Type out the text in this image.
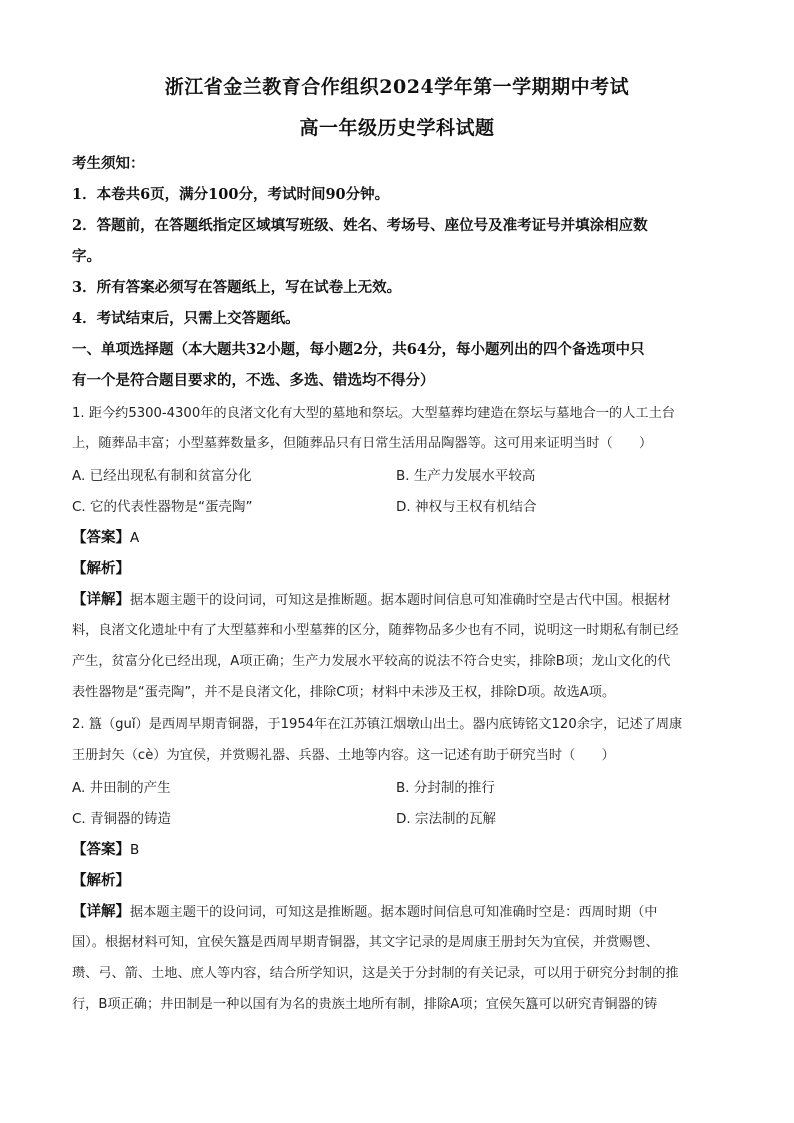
浙江省金兰教育合作组织2024学年第一学期期中考试
高一年级历史学科试题
考生须知：
1．本卷共6页，满分100分，考试时间90分钟。
2．答题前，在答题纸指定区域填写班级、姓名、考场号、座位号及准考证号并填涂相应数
字。
3．所有答案必须写在答题纸上，写在试卷上无效。
4．考试结束后，只需上交答题纸。
一、单项选择题（本大题共32小题，每小题2分，共64分，每小题列出的四个备选项中只
有一个是符合题目要求的，不选、多选、错选均不得分）
1. 距今约5300-4300年的良渚文化有大型的墓地和祭坛。大型墓葬均建造在祭坛与墓地合一的人工土台
上，随葬品丰富；小型墓葬数量多，但随葬品只有日常生活用品陶器等。这可用来证明当时（　　）
A. 已经出现私有制和贫富分化	B. 生产力发展水平较高
C. 它的代表性器物是“蛋壳陶”	D. 神权与王权有机结合
【答案】A
【解析】
【详解】据本题主题干的设问词，可知这是推断题。据本题时间信息可知准确时空是古代中国。根据材
料，良渚文化遗址中有了大型墓葬和小型墓葬的区分，随葬物品多少也有不同，说明这一时期私有制已经
产生，贫富分化已经出现，A项正确；生产力发展水平较高的说法不符合史实，排除B项；龙山文化的代
表性器物是“蛋壳陶”，并不是良渚文化，排除C项；材料中未涉及王权，排除D项。故选A项。
2. 簋（guǐ）是西周早期青铜器，于1954年在江苏镇江烟墩山出土。器内底铸铭文120余字，记述了周康
王册封矢（cè）为宜侯，并赏赐礼器、兵器、土地等内容。这一记述有助于研究当时（　　）
A. 井田制的产生	B. 分封制的推行
C. 青铜器的铸造	D. 宗法制的瓦解
【答案】B
【解析】
【详解】据本题主题干的设问词，可知这是推断题。据本题时间信息可知准确时空是：西周时期（中
国）。根据材料可知，宜侯矢簋是西周早期青铜器，其文字记录的是周康王册封矢为宜侯，并赏赐鬯、
瓒、弓、箭、土地、庶人等内容，结合所学知识，这是关于分封制的有关记录，可以用于研究分封制的推
行，B项正确；井田制是一种以国有为名的贵族土地所有制，排除A项；宜侯矢簋可以研究青铜器的铸
